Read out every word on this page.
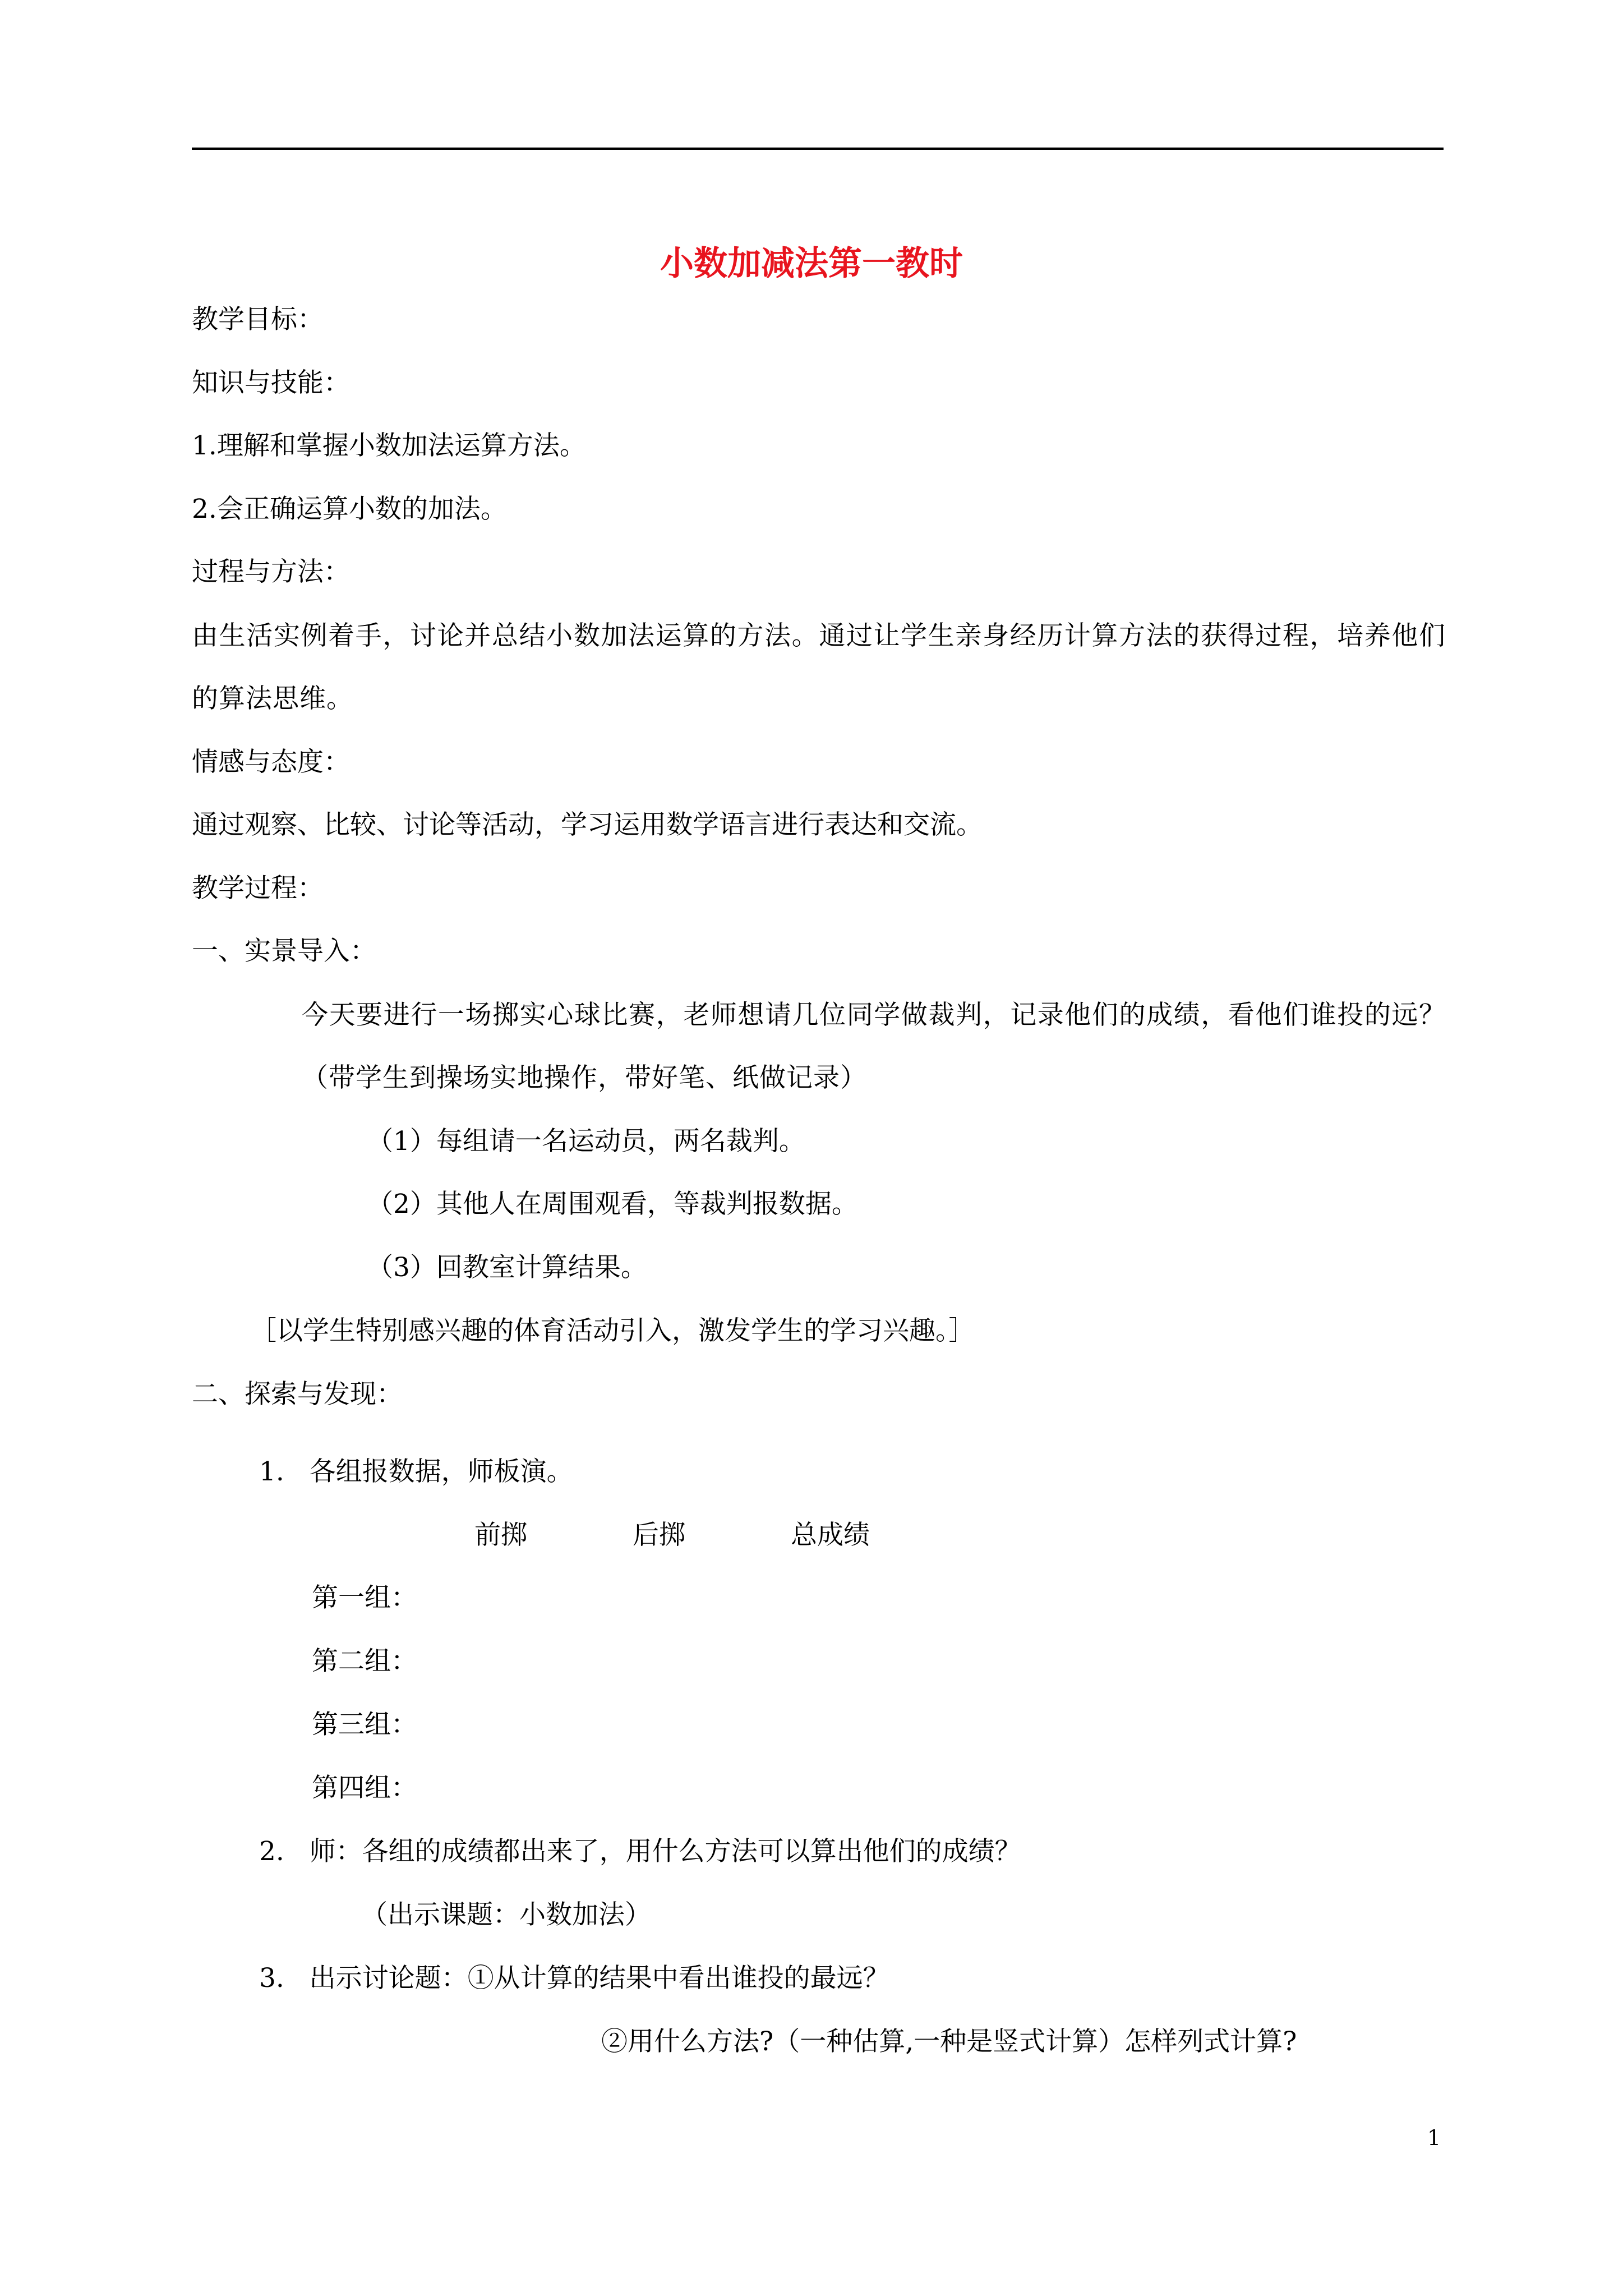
小数加减法第一教时

教学目标：

知识与技能：

1.理解和掌握小数加法运算方法。

2.会正确运算小数的加法。

过程与方法：

由生活实例着手，讨论并总结小数加法运算的方法。通过让学生亲身经历计算方法的获得过程，培养他们的算法思维。

情感与态度：

通过观察、比较、讨论等活动，学习运用数学语言进行表达和交流。

教学过程：

一、实景导入：

今天要进行一场掷实心球比赛，老师想请几位同学做裁判，记录他们的成绩，看他们谁投的远？（带学生到操场实地操作，带好笔、纸做记录）

（1）每组请一名运动员，两名裁判。

（2）其他人在周围观看，等裁判报数据。

（3）回教室计算结果。

［以学生特别感兴趣的体育活动引入，激发学生的学习兴趣。］

二、探索与发现：

1.   各组报数据，师板演。

前掷	后掷	总成绩

第一组：

第二组：

第三组：

第四组：

2.   师：各组的成绩都出来了，用什么方法可以算出他们的成绩？

（出示课题：小数加法）

3.   出示讨论题：①从计算的结果中看出谁投的最远？

②用什么方法?（一种估算,一种是竖式计算）怎样列式计算?

1
